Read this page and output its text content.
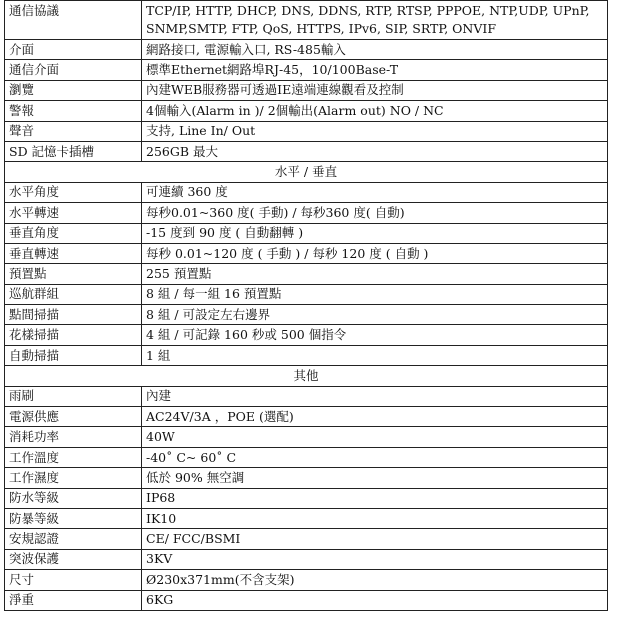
通信協議	TCP/IP, HTTP, DHCP, DNS, DDNS, RTP, RTSP, PPPOE, NTP,UDP, UPnP, SNMP,SMTP, FTP, QoS, HTTPS, IPv6, SIP, SRTP, ONVIF
介面	網路接口, 電源輸入口, RS-485輸入
通信介面	標準Ethernet網路埠RJ-45，10/100Base-T
瀏覽	內建WEB服務器可透過IE遠端連線觀看及控制
警報	4個輸入(Alarm in )/ 2個輸出(Alarm out) NO / NC
聲音	支持, Line In/ Out
SD 記憶卡插槽	256GB 最大
水平 / 垂直	
水平角度	可連續 360 度
水平轉速	每秒0.01~360 度( 手動) / 每秒360 度( 自動)
垂直角度	-15 度到 90 度 ( 自動翻轉 )
垂直轉速	每秒 0.01~120 度 ( 手動 ) / 每秒 120 度 ( 自動 )
預置點	255 預置點
巡航群組	8 組 / 每一組 16 預置點
點間掃描	8 組 / 可設定左右邊界
花樣掃描	4 組 / 可記錄 160 秒或 500 個指令
自動掃描	1 組
其他	
雨刷	內建
電源供應	AC24V/3A ，POE (選配)
消耗功率	40W
工作溫度	-40˚ C~ 60˚ C
工作濕度	低於 90% 無空調
防水等級	IP68
防暴等級	IK10
安規認證	CE/ FCC/BSMI
突波保護	3KV
尺寸	Ø230x371mm(不含支架)
淨重	6KG
